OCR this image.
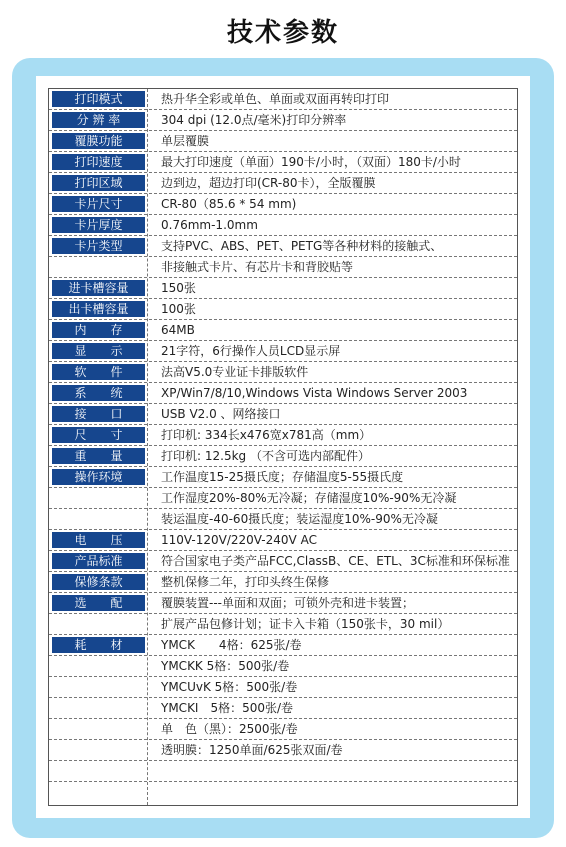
技术参数
打印模式	热升华全彩或单色、单面或双面再转印打印
分 辨 率	304 dpi (12.0点/毫米)打印分辨率
覆膜功能	单层覆膜
打印速度	最大打印速度（单面）190卡/小时，（双面）180卡/小时
打印区域	边到边，超边打印(CR-80卡），全版覆膜
卡片尺寸	CR-80（85.6 * 54 mm)
卡片厚度	0.76mm-1.0mm
卡片类型	支持PVC、ABS、PET、PETG等各种材料的接触式、
非接触式卡片、有芯片卡和背胶贴等
进卡槽容量	150张
出卡槽容量	100张
内　　存	64MB
显　　示	21字符，6行操作人员LCD显示屏
软　　件	法高V5.0专业证卡排版软件
系　　统	XP/Win7/8/10,Windows Vista Windows Server 2003
接　　口	USB V2.0 、网络接口
尺　　寸	打印机: 334长x476宽x781高（mm）
重　　量	打印机: 12.5kg （不含可选内部配件）
操作环境	工作温度15-25摄氏度；存储温度5-55摄氏度
工作湿度20%-80%无冷凝；存储湿度10%-90%无冷凝
装运温度-40-60摄氏度；装运湿度10%-90%无冷凝
电　　压	110V-120V/220V-240V AC
产品标准	符合国家电子类产品FCC,ClassB、CE、ETL、3C标准和环保标准
保修条款	整机保修二年，打印头终生保修
选　　配	覆膜装置---单面和双面；可锁外壳和进卡装置；
扩展产品包修计划；证卡入卡箱（150张卡，30 mil）
耗　　材	YMCK　　4格：625张/卷
YMCKK 5格：500张/卷
YMCUvK 5格：500张/卷
YMCKI　5格：500张/卷
单　色（黑）：2500张/卷
透明膜：1250单面/625张双面/卷
